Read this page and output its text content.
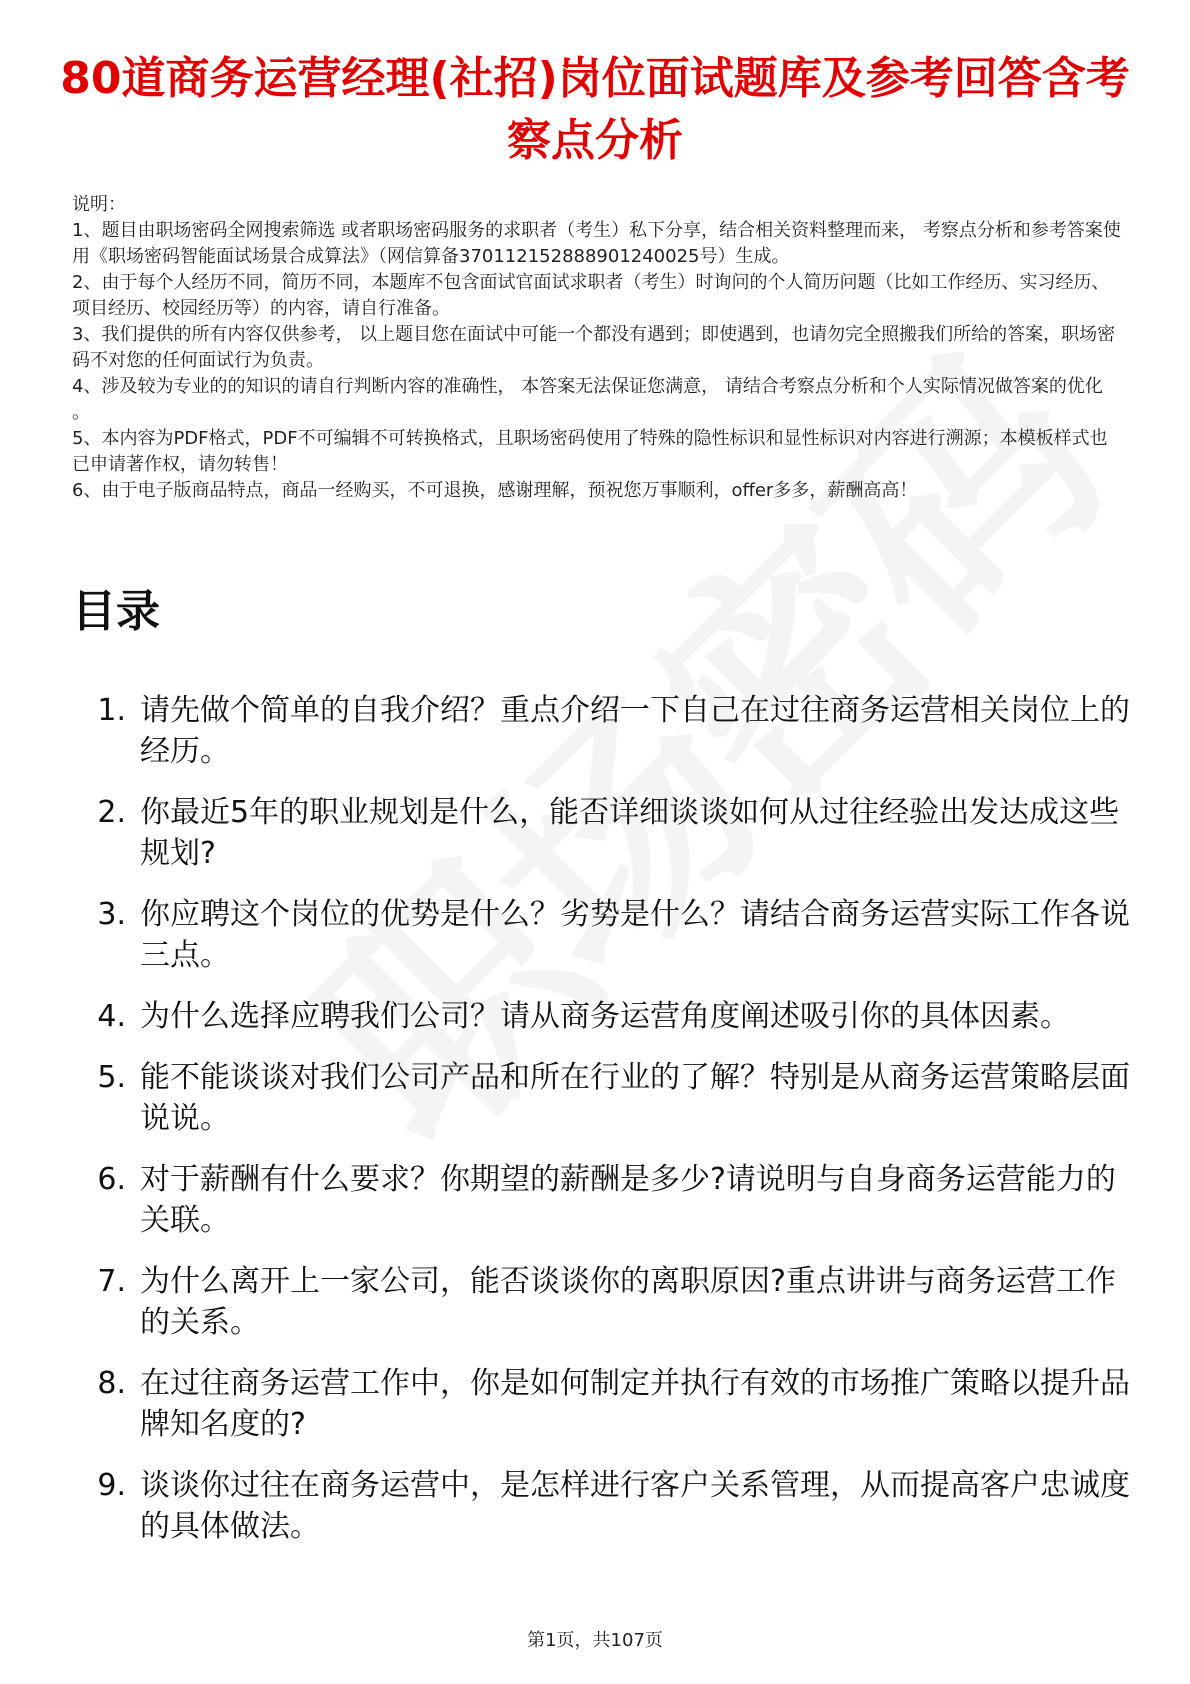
80道商务运营经理(社招)岗位面试题库及参考回答含考察点分析

说明：

1、题目由职场密码全网搜索筛选 或者职场密码服务的求职者（考生）私下分享，结合相关资料整理而来， 考察点分析和参考答案使用《职场密码智能面试场景合成算法》（网信算备370112152888901240025号）生成。

2、由于每个人经历不同，简历不同，本题库不包含面试官面试求职者（考生）时询问的个人简历问题（比如工作经历、实习经历、项目经历、校园经历等）的内容，请自行准备。

3、我们提供的所有内容仅供参考， 以上题目您在面试中可能一个都没有遇到；即使遇到，也请勿完全照搬我们所给的答案，职场密码不对您的任何面试行为负责。

4、涉及较为专业的的知识的请自行判断内容的准确性， 本答案无法保证您满意， 请结合考察点分析和个人实际情况做答案的优化 。

5、本内容为PDF格式，PDF不可编辑不可转换格式，且职场密码使用了特殊的隐性标识和显性标识对内容进行溯源；本模板样式也已申请著作权，请勿转售！

6、由于电子版商品特点，商品一经购买，不可退换，感谢理解，预祝您万事顺利，offer多多，薪酬高高！

目录
1. 请先做个简单的自我介绍？重点介绍一下自己在过往商务运营相关岗位上的经历。
2. 你最近5年的职业规划是什么，能否详细谈谈如何从过往经验出发达成这些规划?
3. 你应聘这个岗位的优势是什么？劣势是什么？请结合商务运营实际工作各说三点。
4. 为什么选择应聘我们公司？请从商务运营角度阐述吸引你的具体因素。
5. 能不能谈谈对我们公司产品和所在行业的了解？特别是从商务运营策略层面说说。
6. 对于薪酬有什么要求？你期望的薪酬是多少?请说明与自身商务运营能力的关联。
7. 为什么离开上一家公司，能否谈谈你的离职原因?重点讲讲与商务运营工作的关系。
8. 在过往商务运营工作中，你是如何制定并执行有效的市场推广策略以提升品牌知名度的?
9. 谈谈你过往在商务运营中，是怎样进行客户关系管理，从而提高客户忠诚度的具体做法。
第1页，共107页
